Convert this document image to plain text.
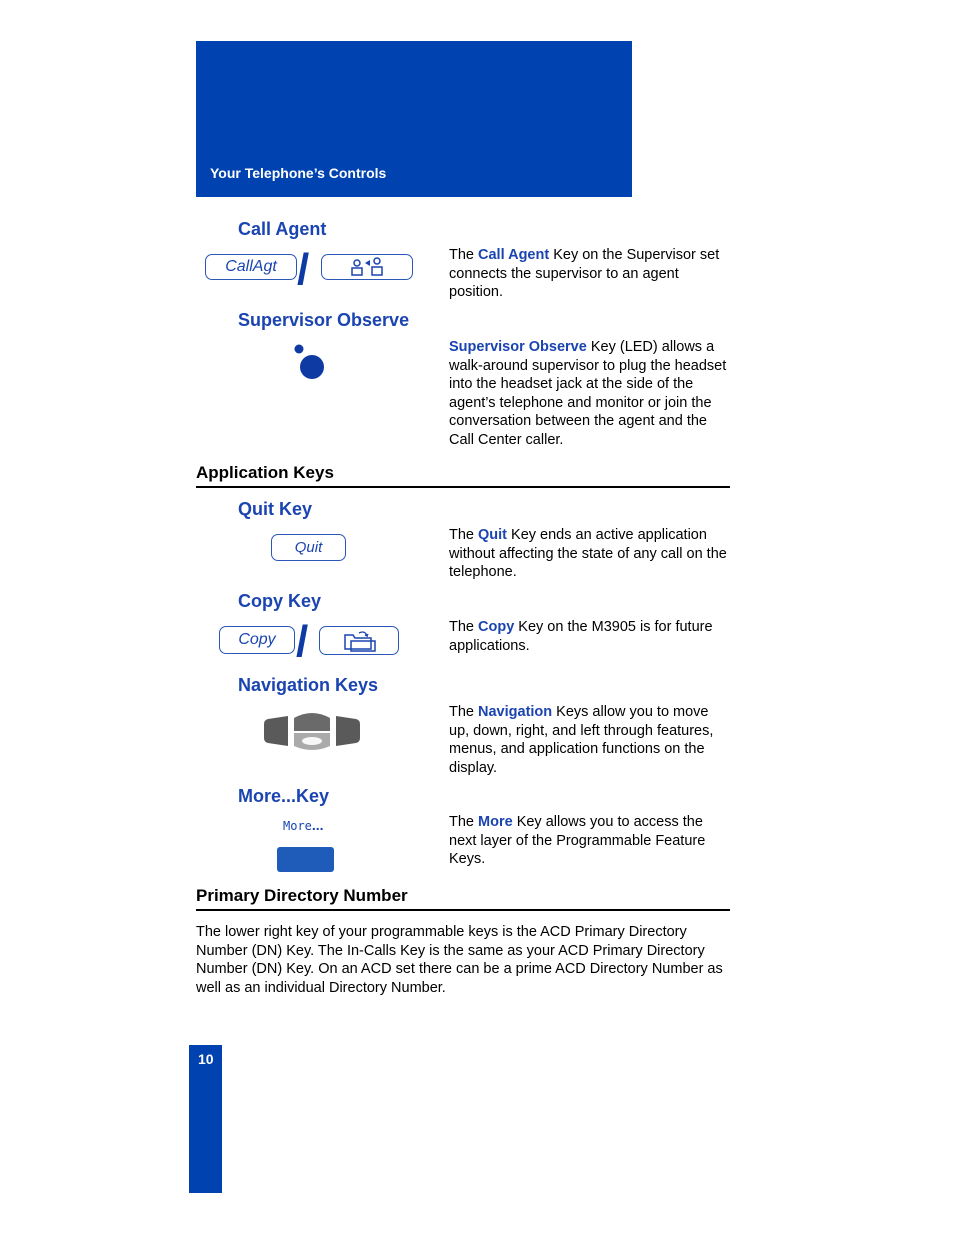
Your Telephone’s Controls
Call Agent
CallAgt /	The Call Agent Key on the Supervisor set connects the supervisor to an agent position.
Supervisor Observe
Supervisor Observe Key (LED) allows a walk-around supervisor to plug the headset into the headset jack at the side of the agent’s telephone and monitor or join the conversation between the agent and the Call Center caller.
Application Keys
Quit Key
Quit
The Quit Key ends an active application without affecting the state of any call on the telephone.
Copy Key
Copy /	The Copy Key on the M3905 is for future applications.
Navigation Keys
The Navigation Keys allow you to move up, down, right, and left through features, menus, and application functions on the display.
More...Key
More...	The More Key allows you to access the next layer of the Programmable Feature Keys.
Primary Directory Number
The lower right key of your programmable keys is the ACD Primary Directory Number (DN) Key. The In-Calls Key is the same as your ACD Primary Directory Number (DN) Key. On an ACD set there can be a prime ACD Directory Number as well as an individual Directory Number.
10
